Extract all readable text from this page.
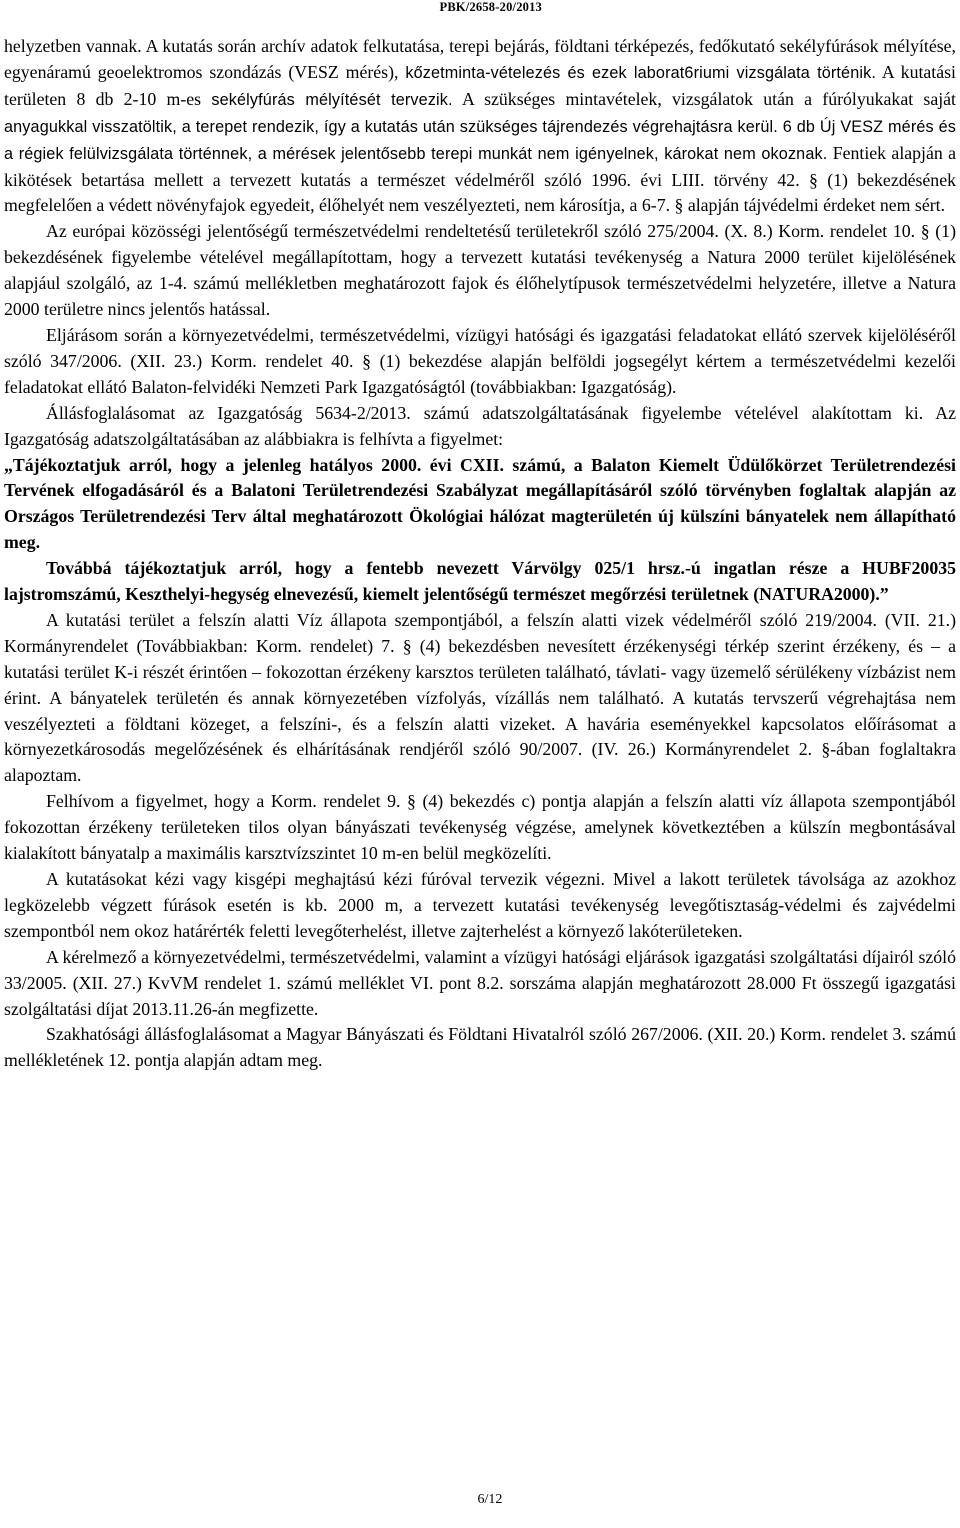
PBK/2658-20/2013

helyzetben vannak. A kutatás során archív adatok felkutatása, terepi bejárás, földtani térképezés, fedőkutató sekélyfúrások mélyítése, egyenáramú geoelektromos szondázás (VESZ mérés), kőzetminta-vételezés és ezek laborat6riumi vizsgálata történik. A kutatási területen 8 db 2-10 m-es sekélyfúrás mélyítését tervezik. A szükséges mintavételek, vizsgálatok után a fúrólyukakat saját anyagukkal visszatöltik, a terepet rendezik, így a kutatás után szükséges tájrendezés végrehajtásra kerül. 6 db Új VESZ mérés és a régiek felülvizsgálata történnek, a mérések jelentősebb terepi munkát nem igényelnek, károkat nem okoznak. Fentiek alapján a kikötések betartása mellett a tervezett kutatás a természet védelméről szóló 1996. évi LIII. törvény 42. § (1) bekezdésének megfelelően a védett növényfajok egyedeit, élőhelyét nem veszélyezteti, nem károsítja, a 6-7. § alapján tájvédelmi érdeket nem sért.

Az európai közösségi jelentőségű természetvédelmi rendeltetésű területekről szóló 275/2004. (X. 8.) Korm. rendelet 10. § (1) bekezdésének figyelembe vételével megállapítottam, hogy a tervezett kutatási tevékenység a Natura 2000 terület kijelölésének alapjául szolgáló, az 1-4. számú mellékletben meghatározott fajok és élőhelytípusok természetvédelmi helyzetére, illetve a Natura 2000 területre nincs jelentős hatással.

Eljárásom során a környezetvédelmi, természetvédelmi, vízügyi hatósági és igazgatási feladatokat ellátó szervek kijelöléséről szóló 347/2006. (XII. 23.) Korm. rendelet 40. § (1) bekezdése alapján belföldi jogsegélyt kértem a természetvédelmi kezelői feladatokat ellátó Balaton-felvidéki Nemzeti Park Igazgatóságtól (továbbiakban: Igazgatóság).

Állásfoglalásomat az Igazgatóság 5634-2/2013. számú adatszolgáltatásának figyelembe vételével alakítottam ki. Az Igazgatóság adatszolgáltatásában az alábbiakra is felhívta a figyelmet:

„Tájékoztatjuk arról, hogy a jelenleg hatályos 2000. évi CXII. számú, a Balaton Kiemelt Üdülőkörzet Területrendezési Tervének elfogadásáról és a Balatoni Területrendezési Szabályzat megállapításáról szóló törvényben foglaltak alapján az Országos Területrendezési Terv által meghatározott Ökológiai hálózat magterületén új külszíni bányatelek nem állapítható meg.

Továbbá tájékoztatjuk arról, hogy a fentebb nevezett Várvölgy 025/1 hrsz.-ú ingatlan része a HUBF20035 lajstromszámú, Keszthelyi-hegység elnevezésű, kiemelt jelentőségű természet megőrzési területnek (NATURA2000).”

A kutatási terület a felszín alatti Víz állapota szempontjából, a felszín alatti vizek védelméről szóló 219/2004. (VII. 21.) Kormányrendelet (Továbbiakban: Korm. rendelet) 7. § (4) bekezdésben nevesített érzékenységi térkép szerint érzékeny, és – a kutatási terület K-i részét érintően – fokozottan érzékeny karsztos területen található, távlati- vagy üzemelő sérülékeny vízbázist nem érint. A bányatelek területén és annak környezetében vízfolyás, vízállás nem található. A kutatás tervszerű végrehajtása nem veszélyezteti a földtani közeget, a felszíni-, és a felszín alatti vizeket. A havária eseményekkel kapcsolatos előírásomat a környezetkárosodás megelőzésének és elhárításának rendjéről szóló 90/2007. (IV. 26.) Kormányrendelet 2. §-ában foglaltakra alapoztam.

Felhívom a figyelmet, hogy a Korm. rendelet 9. § (4) bekezdés c) pontja alapján a felszín alatti víz állapota szempontjából fokozottan érzékeny területeken tilos olyan bányászati tevékenység végzése, amelynek következtében a külszín megbontásával kialakított bányatalp a maximális karsztvízszintet 10 m-en belül megközelíti.

A kutatásokat kézi vagy kisgépi meghajtású kézi fúróval tervezik végezni. Mivel a lakott területek távolsága az azokhoz legközelebb végzett fúrások esetén is kb. 2000 m, a tervezett kutatási tevékenység levegőtisztaság-védelmi és zajvédelmi szempontból nem okoz határérték feletti levegőterhelést, illetve zajterhelést a környező lakóterületeken.

A kérelmező a környezetvédelmi, természetvédelmi, valamint a vízügyi hatósági eljárások igazgatási szolgáltatási díjairól szóló 33/2005. (XII. 27.) KvVM rendelet 1. számú melléklet VI. pont 8.2. sorszáma alapján meghatározott 28.000 Ft összegű igazgatási szolgáltatási díjat 2013.11.26-án megfizette.

Szakhatósági állásfoglalásomat a Magyar Bányászati és Földtani Hivatalról szóló 267/2006. (XII. 20.) Korm. rendelet 3. számú mellékletének 12. pontja alapján adtam meg.

6/12
